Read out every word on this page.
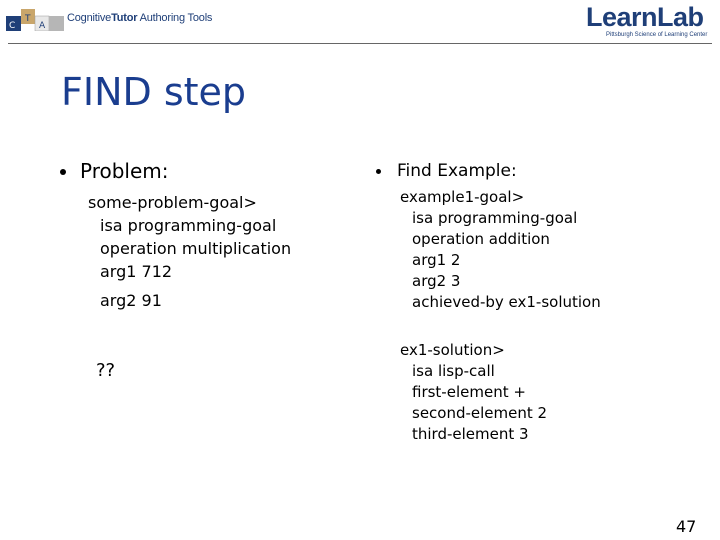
C
T
A
CognitiveTutor Authoring Tools	LearnLab
Pittsburgh Science of Learning Center
FIND step
Problem:
some-problem-goal>
isa programming-goal
operation multiplication
arg1 712
arg2 91
??
Find Example:
example1-goal>
isa programming-goal
operation addition
arg1 2
arg2 3
achieved-by ex1-solution
ex1-solution>
isa lisp-call
first-element +
second-element 2
third-element 3
47
